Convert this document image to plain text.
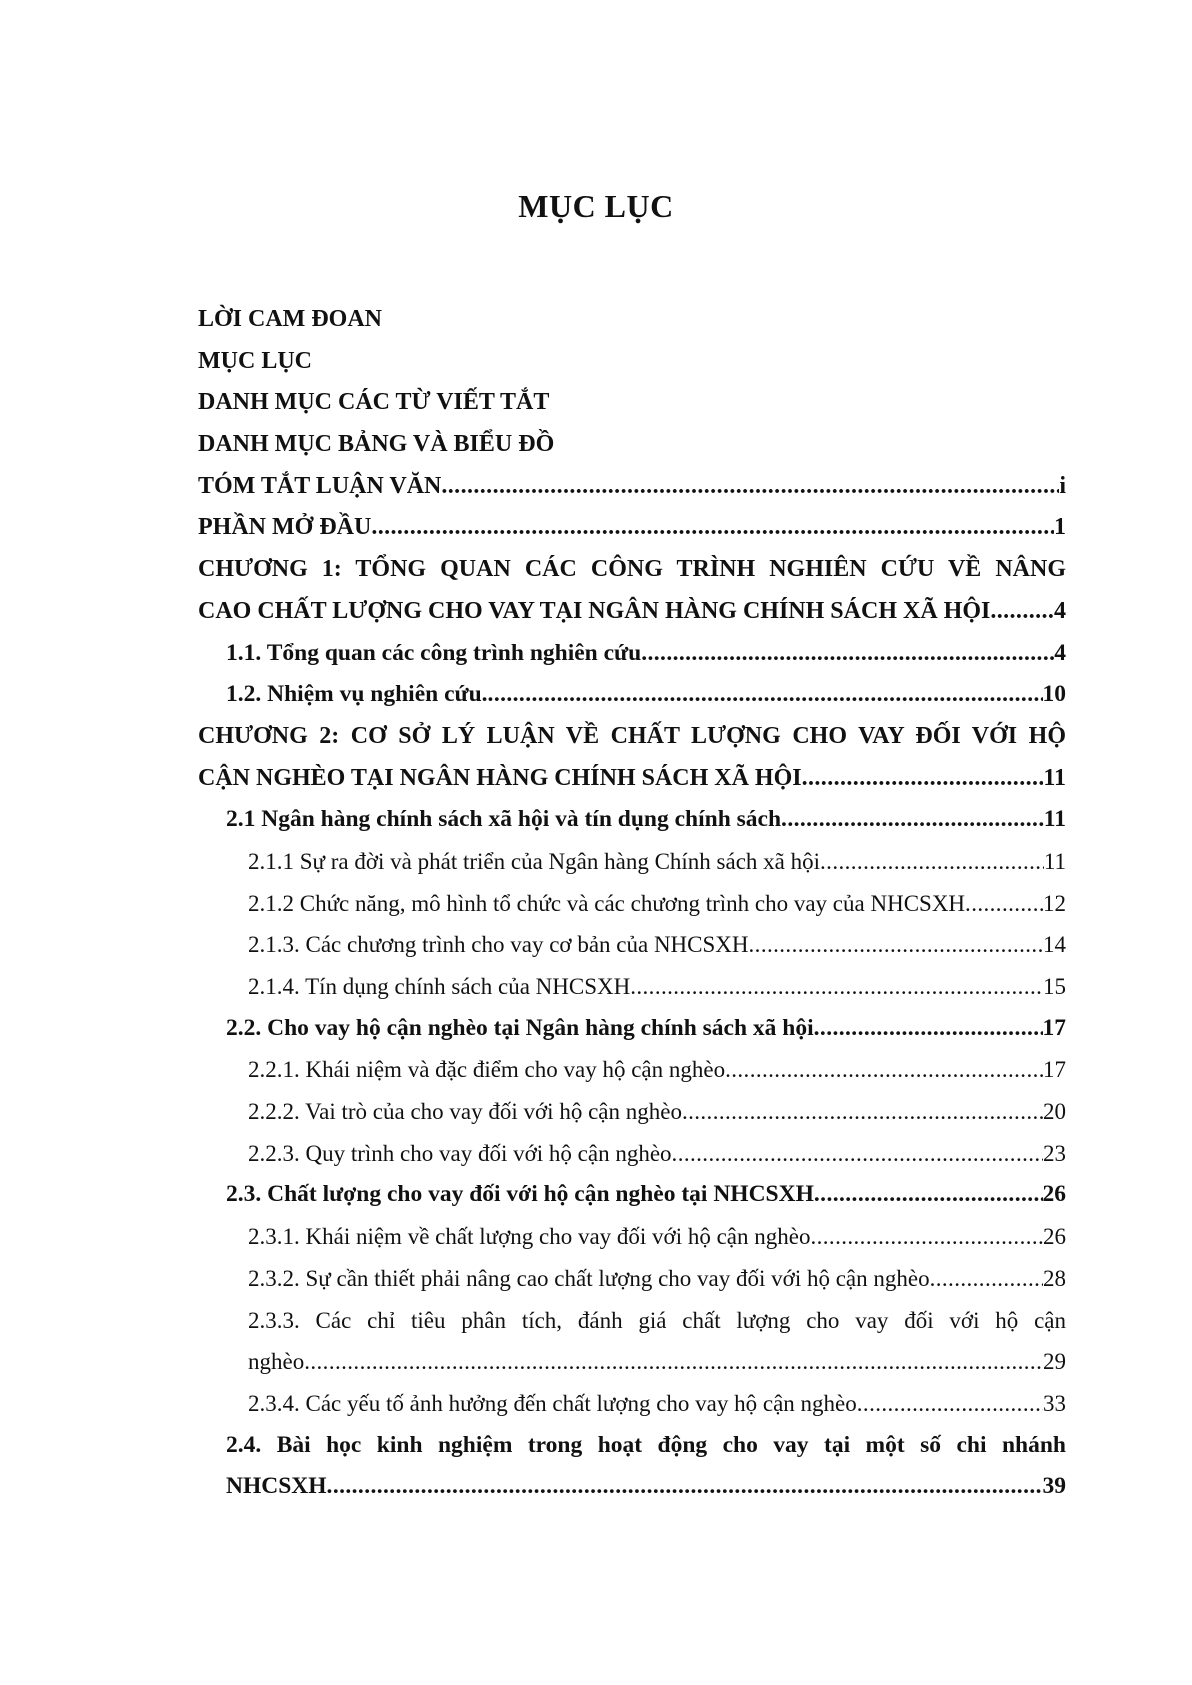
MỤC LỤC
LỜI CAM ĐOAN
MỤC LỤC
DANH MỤC CÁC TỪ VIẾT TẮT
DANH MỤC BẢNG VÀ BIỂU ĐỒ
TÓM TẮT LUẬN VĂN .....	i
PHẦN MỞ ĐẦU .....	1
CHƯƠNG 1: TỔNG QUAN CÁC CÔNG TRÌNH NGHIÊN CỨU VỀ NÂNG
CAO CHẤT LƯỢNG CHO VAY TẠI NGÂN HÀNG CHÍNH SÁCH XÃ HỘI .....	4
1.1. Tổng quan các công trình nghiên cứu .....	4
1.2. Nhiệm vụ nghiên cứu. .....	10
CHƯƠNG 2: CƠ SỞ LÝ LUẬN VỀ CHẤT LƯỢNG CHO VAY ĐỐI VỚI HỘ
CẬN NGHÈO TẠI NGÂN HÀNG CHÍNH SÁCH XÃ HỘI .....	11
2.1 Ngân hàng chính sách xã hội và tín dụng chính sách .....	11
2.1.1 Sự ra đời và phát triển của Ngân hàng Chính sách xã hội .....	11
2.1.2 Chức năng, mô hình tổ chức và các chương trình cho vay của NHCSXH .....	12
2.1.3. Các chương trình cho vay cơ bản của NHCSXH .....	14
2.1.4. Tín dụng chính sách của NHCSXH .....	15
2.2. Cho vay hộ cận nghèo tại Ngân hàng chính sách xã hội .....	17
2.2.1. Khái niệm và đặc điểm cho vay hộ cận nghèo .....	17
2.2.2. Vai trò của cho vay đối với hộ cận nghèo .....	20
2.2.3. Quy trình cho vay đối với hộ cận nghèo .....	23
2.3. Chất lượng cho vay đối với hộ cận nghèo tại NHCSXH .....	26
2.3.1. Khái niệm về chất lượng cho vay đối với hộ cận nghèo .....	26
2.3.2. Sự cần thiết phải nâng cao chất lượng cho vay đối với hộ cận nghèo .....	28
2.3.3. Các chỉ tiêu phân tích, đánh giá chất lượng cho vay đối với hộ cận
nghèo .....	29
2.3.4. Các yếu tố ảnh hưởng đến chất lượng cho vay hộ cận nghèo .....	33
2.4. Bài học kinh nghiệm trong hoạt động cho vay tại một số chi nhánh
NHCSXH .....	39
